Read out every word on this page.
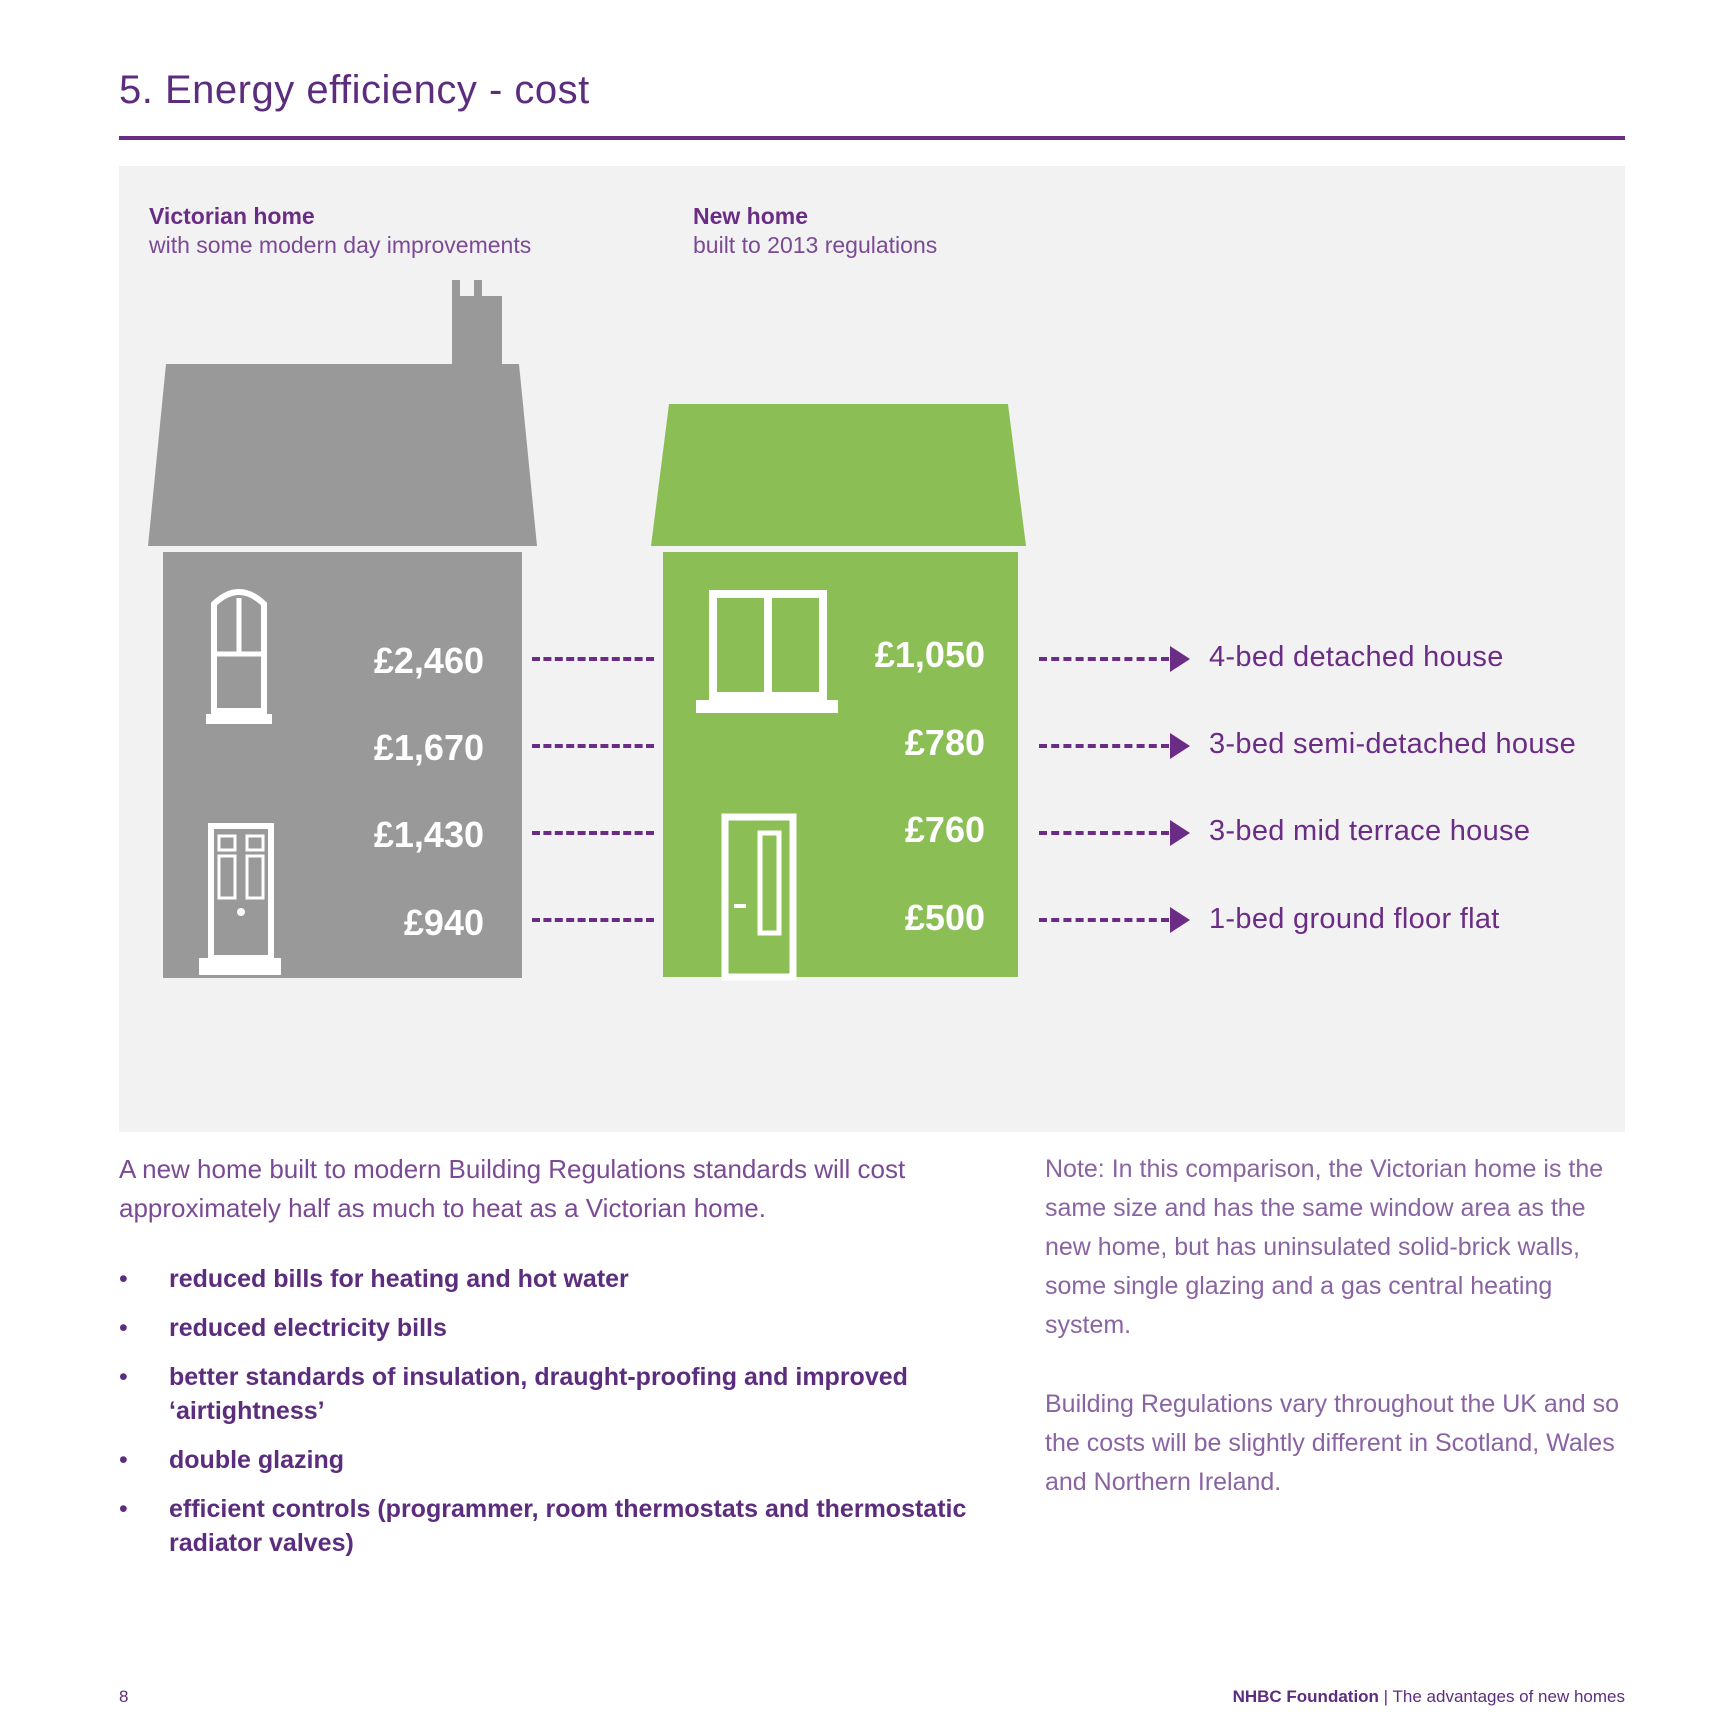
5. Energy efficiency - cost
Victorian home
with some modern day improvements
New home
built to 2013 regulations
£2,460
£1,670
£1,430
£940
£1,050
£780
£760
£500
4-bed detached house
3-bed semi-detached house
3-bed mid terrace house
1-bed ground floor flat

A new home built to modern Building Regulations standards will cost approximately half as much to heat as a Victorian home.

• reduced bills for heating and hot water
• reduced electricity bills
• better standards of insulation, draught-proofing and improved ‘airtightness’
• double glazing
• efficient controls (programmer, room thermostats and thermostatic radiator valves)

Note: In this comparison, the Victorian home is the same size and has the same window area as the new home, but has uninsulated solid-brick walls, some single glazing and a gas central heating system.

Building Regulations vary throughout the UK and so the costs will be slightly different in Scotland, Wales and Northern Ireland.

8	NHBC Foundation | The advantages of new homes
